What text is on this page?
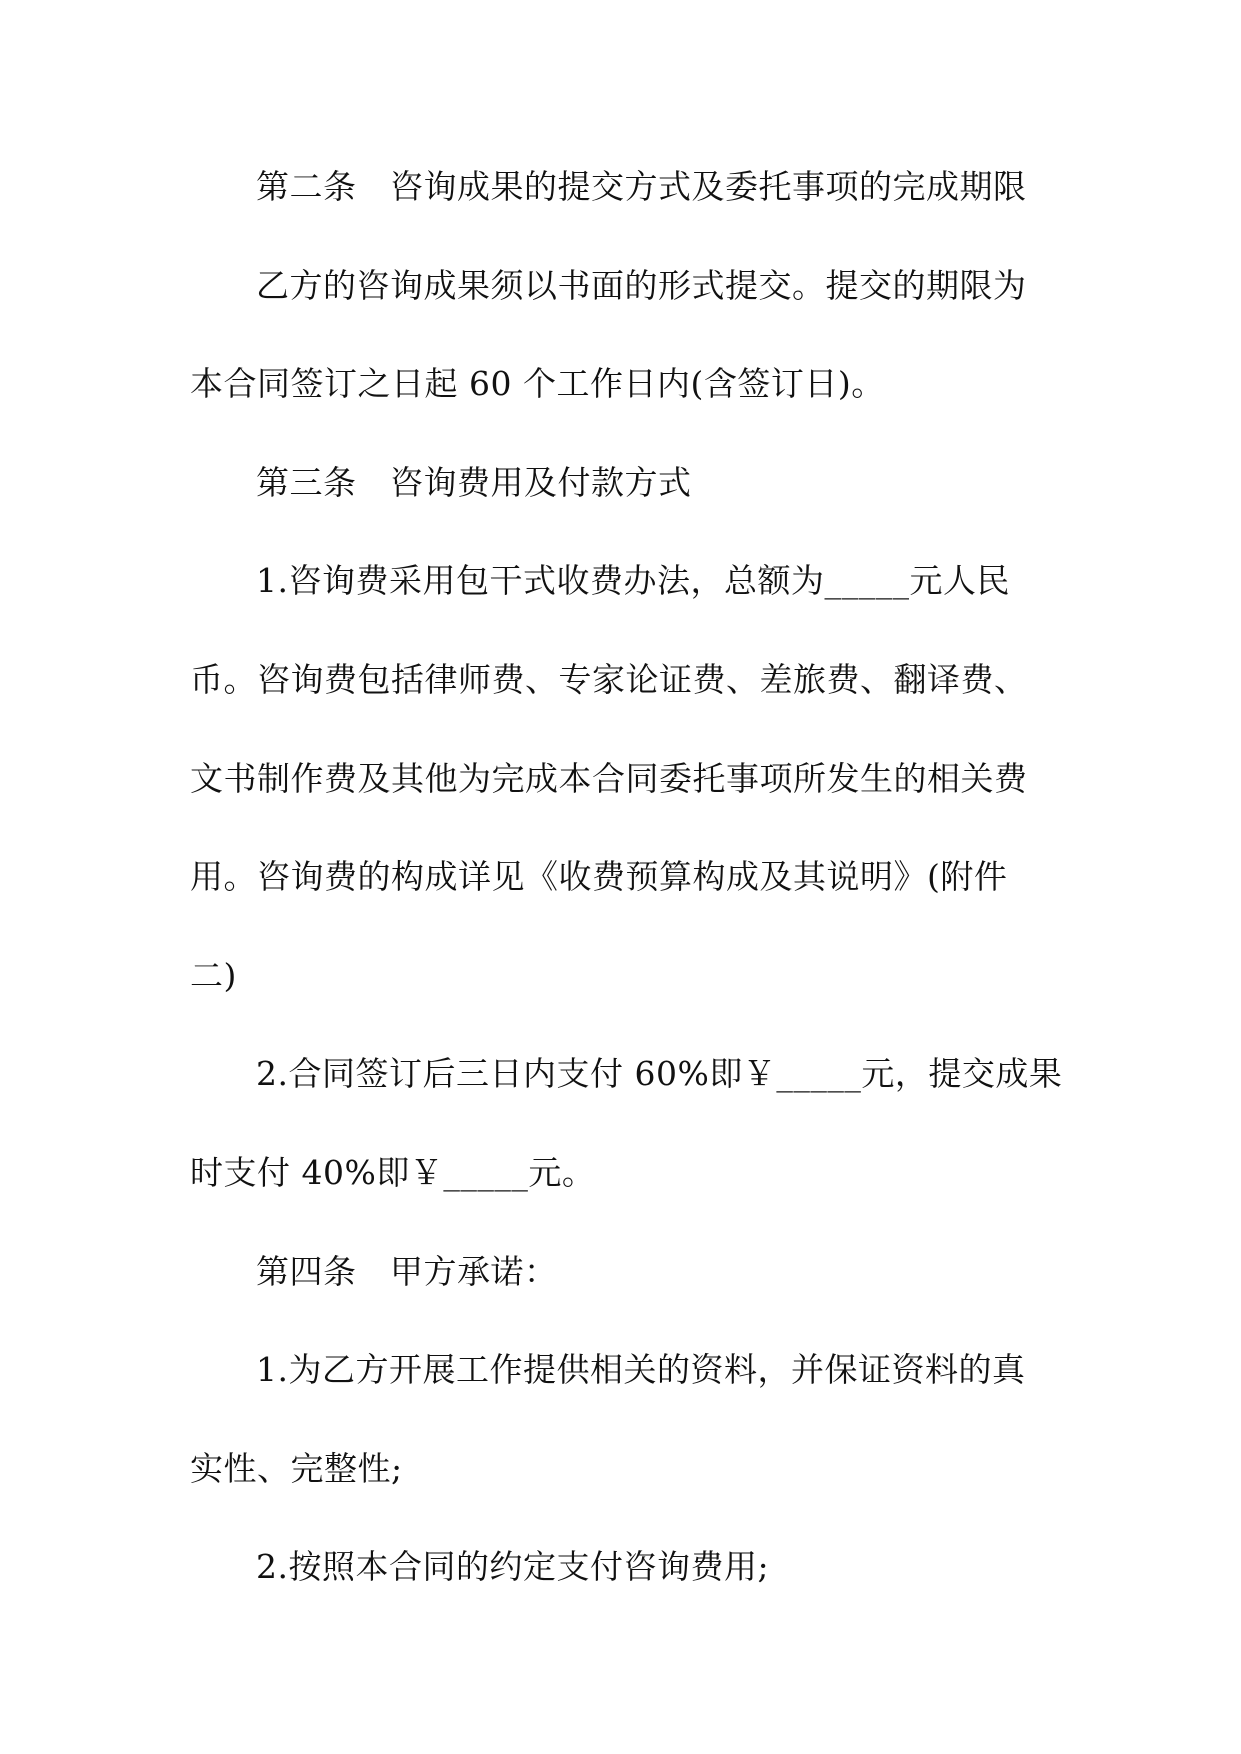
第二条　咨询成果的提交方式及委托事项的完成期限
乙方的咨询成果须以书面的形式提交。提交的期限为
本合同签订之日起 60 个工作日内(含签订日)。
第三条　咨询费用及付款方式
1.咨询费采用包干式收费办法，总额为_____元人民
币。咨询费包括律师费、专家论证费、差旅费、翻译费、
文书制作费及其他为完成本合同委托事项所发生的相关费
用。咨询费的构成详见《收费预算构成及其说明》(附件
二)
2.合同签订后三日内支付 60%即￥_____元，提交成果
时支付 40%即￥_____元。
第四条　甲方承诺：
1.为乙方开展工作提供相关的资料，并保证资料的真
实性、完整性;
2.按照本合同的约定支付咨询费用;
